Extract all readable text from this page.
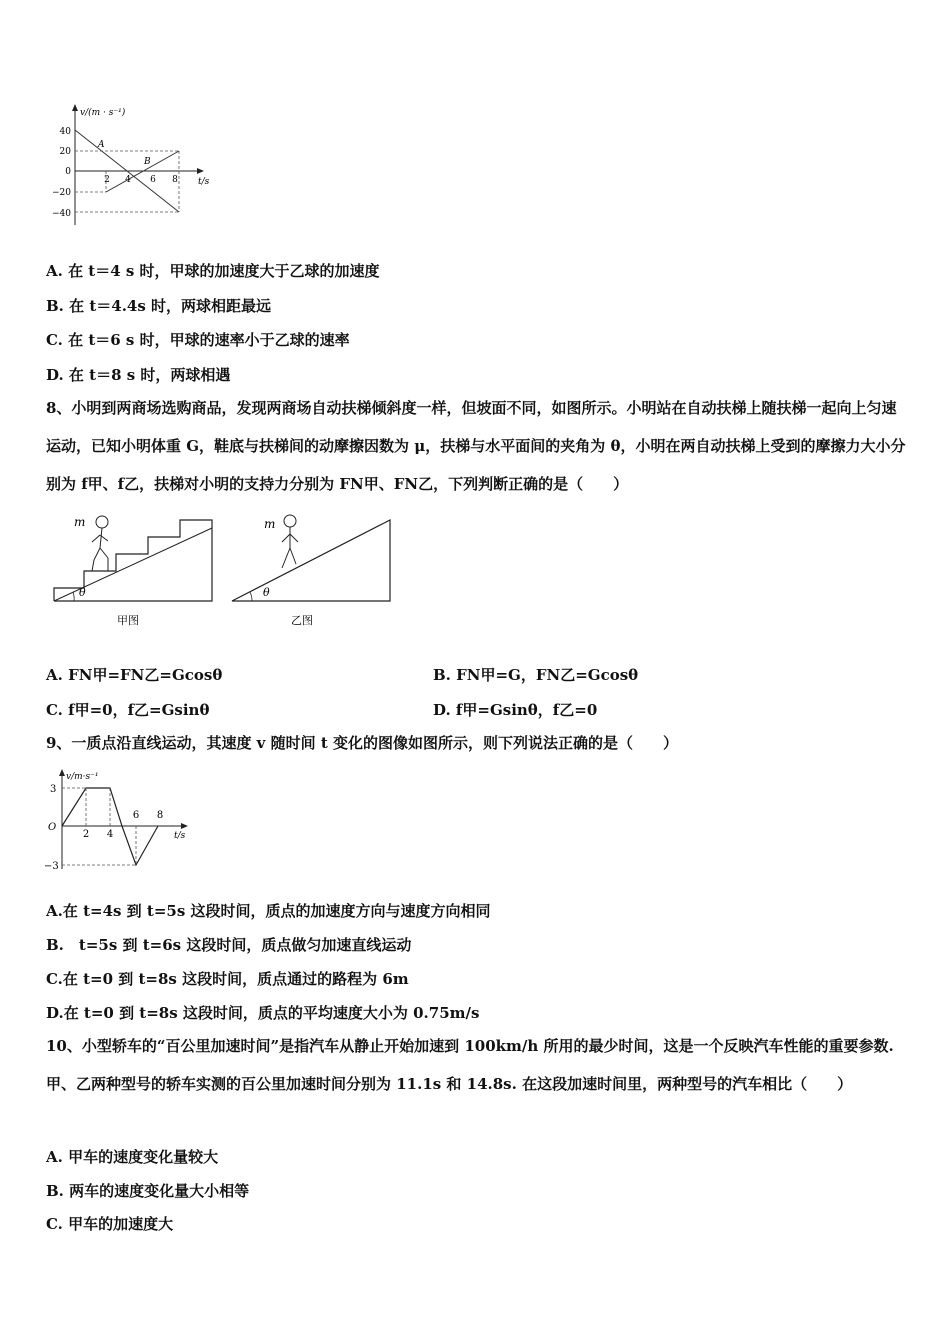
v/(m · s⁻¹)
t/s
40
20
0
−20
−40
2 4 6 8
A
B
A. 在 t＝4 s 时，甲球的加速度大于乙球的加速度
B. 在 t＝4.4s 时，两球相距最远
C. 在 t＝6 s 时，甲球的速率小于乙球的速率
D. 在 t＝8 s 时，两球相遇
8、小明到两商场选购商品，发现两商场自动扶梯倾斜度一样，但坡面不同，如图所示。小明站在自动扶梯上随扶梯一起向上匀速运动，已知小明体重 G，鞋底与扶梯间的动摩擦因数为 μ，扶梯与水平面间的夹角为 θ，小明在两自动扶梯上受到的摩擦力大小分别为 f甲、f乙，扶梯对小明的支持力分别为 FN甲、FN乙，下列判断正确的是（　　）
θ
m
甲图
θ
m
乙图
A. FN甲=FN乙=Gcosθ	B. FN甲=G，FN乙=Gcosθ
C. f甲=0，f乙=Gsinθ	D. f甲=Gsinθ，f乙=0
9、一质点沿直线运动，其速度 v 随时间 t 变化的图像如图所示，则下列说法正确的是（　　）
v/m·s⁻¹
t/s
O
3
−3
2 4
6 8
A.在 t=4s 到 t=5s 这段时间，质点的加速度方向与速度方向相同
B.　t=5s 到 t=6s 这段时间，质点做匀加速直线运动
C.在 t=0 到 t=8s 这段时间，质点通过的路程为 6m
D.在 t=0 到 t=8s 这段时间，质点的平均速度大小为 0.75m/s
10、小型轿车的“百公里加速时间”是指汽车从静止开始加速到 100km/h 所用的最少时间，这是一个反映汽车性能的重要参数. 甲、乙两种型号的轿车实测的百公里加速时间分别为 11.1s 和 14.8s. 在这段加速时间里，两种型号的汽车相比（　　）
A. 甲车的速度变化量较大
B. 两车的速度变化量大小相等
C. 甲车的加速度大
